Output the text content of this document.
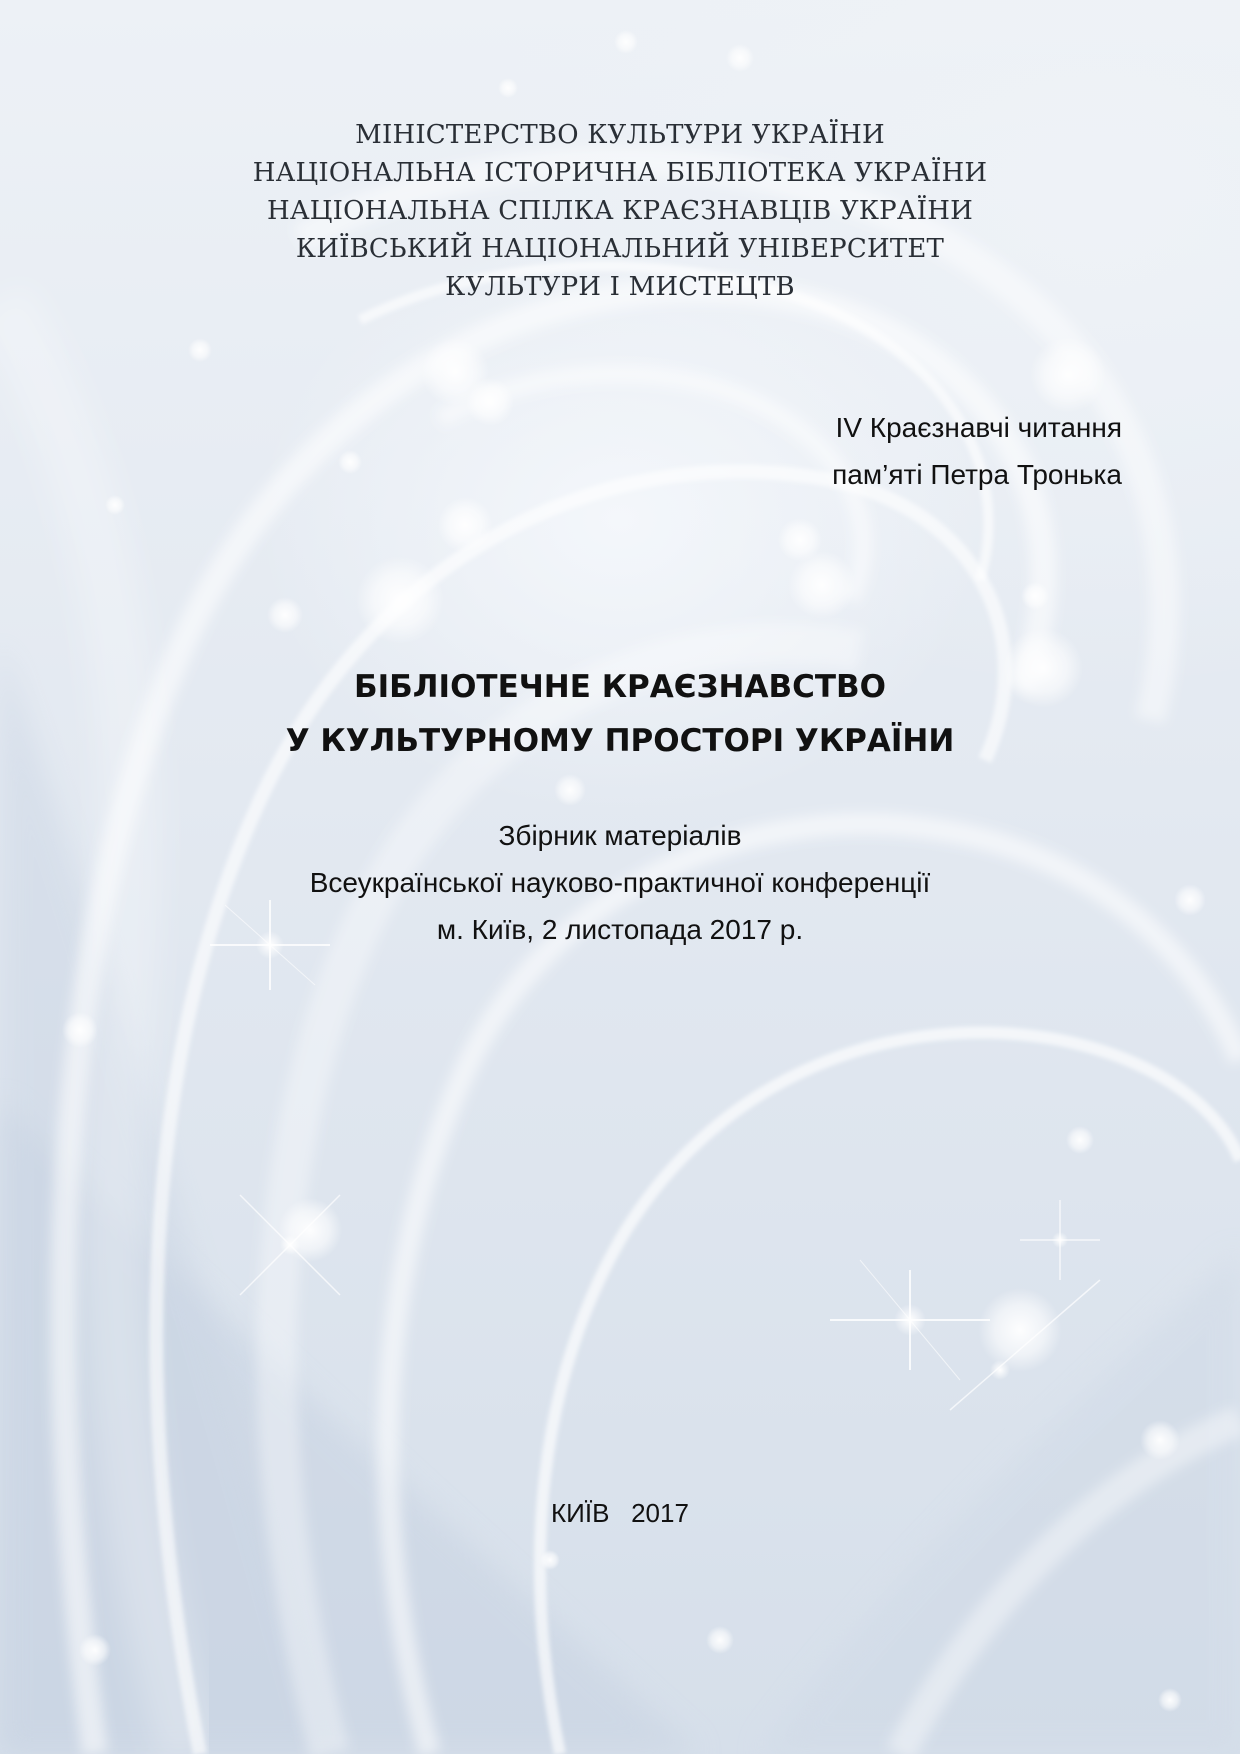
МІНІСТЕРСТВО КУЛЬТУРИ УКРАЇНИ
НАЦІОНАЛЬНА ІСТОРИЧНА БІБЛІОТЕКА УКРАЇНИ
НАЦІОНАЛЬНА СПІЛКА КРАЄЗНАВЦІВ УКРАЇНИ
КИЇВСЬКИЙ НАЦІОНАЛЬНИЙ УНІВЕРСИТЕТ
КУЛЬТУРИ І МИСТЕЦТВ
IV Краєзнавчі читання
пам’яті Петра Тронька
БІБЛІОТЕЧНЕ КРАЄЗНАВСТВО
У КУЛЬТУРНОМУ ПРОСТОРІ УКРАЇНИ
Збірник матеріалів
Всеукраїнської науково-практичної конференції
м. Київ, 2 листопада 2017 р.
КИЇВ   2017
